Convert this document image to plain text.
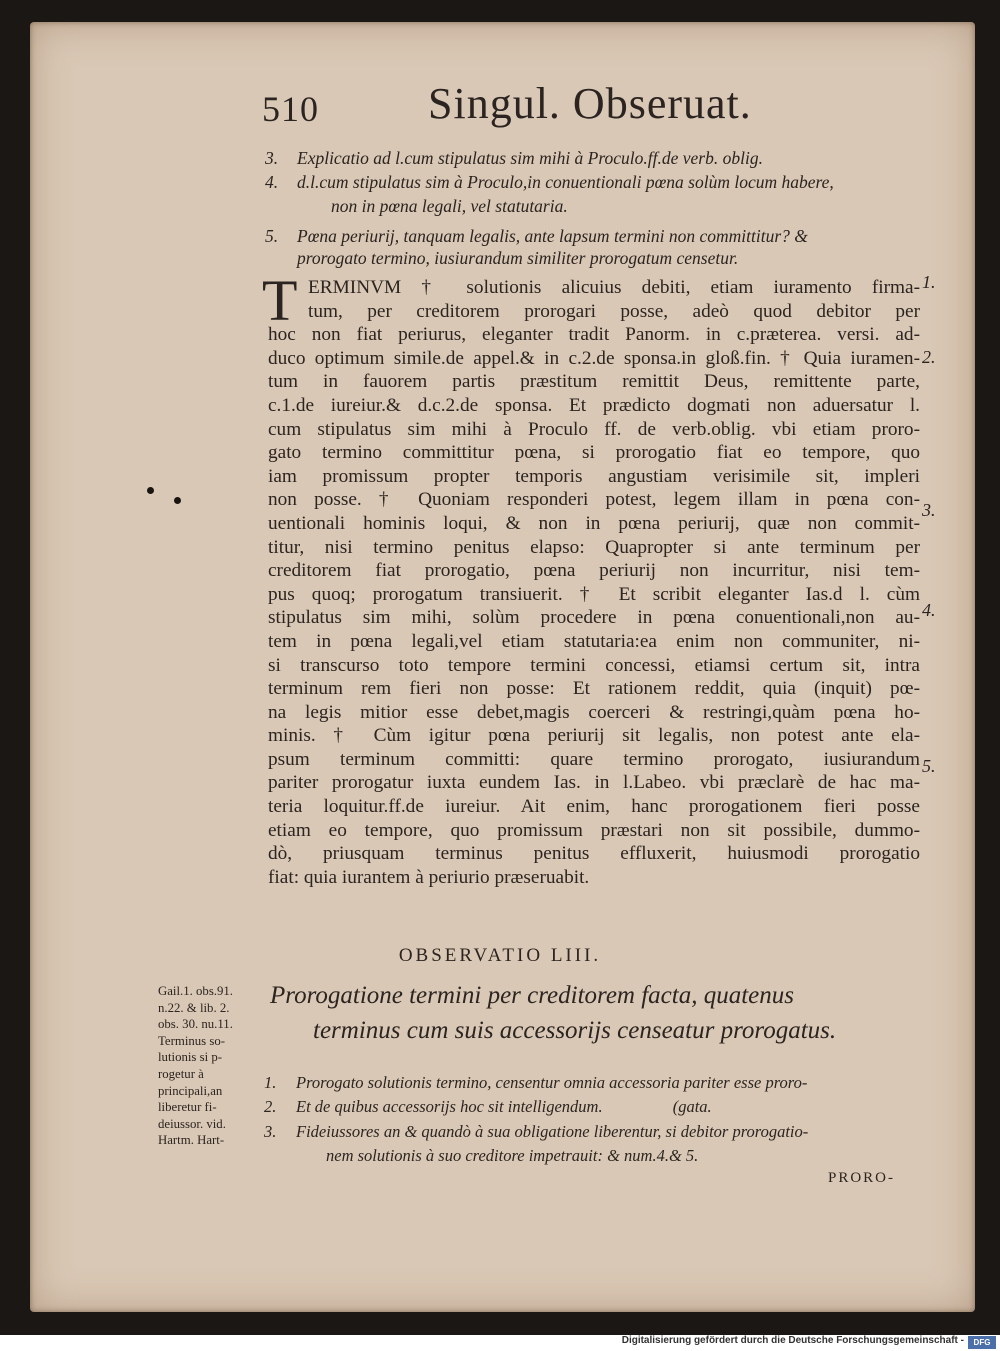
510 Singul. Obseruat.
3. Explicatio ad l.cum stipulatus sim mihi à Proculo.ff.de verb. oblig.
4. d.l.cum stipulatus sim à Proculo,in conuentionali pœna solùm locum habere,
non in pœna legali, vel statutaria.
5. Pœna periurij, tanquam legalis, ante lapsum termini non committitur? &
prorogato termino, iusiurandum similiter prorogatum censetur.
T ERMINVM † solutionis alicuius debiti, etiam iuramento firma-
tum, per creditorem prorogari posse, adeò quod debitor per
hoc non fiat periurus, eleganter tradit Panorm. in c.præterea. versi. ad-
duco optimum simile.de appel.& in c.2.de sponsa.in gloß.fin. † Quia iuramen-
tum in fauorem partis præstitum remittit Deus, remittente parte,
c.1.de iureiur.& d.c.2.de sponsa. Et prædicto dogmati non aduersatur l.
cum stipulatus sim mihi à Proculo ff. de verb.oblig. vbi etiam proro-
gato termino committitur pœna, si prorogatio fiat eo tempore, quo
iam promissum propter temporis angustiam verisimile sit, impleri
non posse. † Quoniam responderi potest, legem illam in pœna con-
uentionali hominis loqui, & non in pœna periurij, quæ non commit-
titur, nisi termino penitus elapso: Quapropter si ante terminum per
creditorem fiat prorogatio, pœna periurij non incurritur, nisi tem-
pus quoq; prorogatum transiuerit. † Et scribit eleganter Ias.d l. cùm
stipulatus sim mihi, solùm procedere in pœna conuentionali,non au-
tem in pœna legali,vel etiam statutaria:ea enim non communiter, ni-
si transcurso toto tempore termini concessi, etiamsi certum sit, intra
terminum rem fieri non posse: Et rationem reddit, quia (inquit) pœ-
na legis mitior esse debet,magis coerceri & restringi,quàm pœna ho-
minis. † Cùm igitur pœna periurij sit legalis, non potest ante ela-
psum terminum committi: quare termino prorogato, iusiurandum
pariter prorogatur iuxta eundem Ias. in l.Labeo. vbi præclarè de hac ma-
teria loquitur.ff.de iureiur. Ait enim, hanc prorogationem fieri posse
etiam eo tempore, quo promissum præstari non sit possibile, dummo-
dò, priusquam terminus penitus effluxerit, huiusmodi prorogatio
fiat: quia iurantem à periurio præseruabit.
1.
2.
3.
4.
5.
OBSERVATIO LIII.
Prorogatione termini per creditorem facta, quatenus
terminus cum suis accessorijs censeatur prorogatus.
Gail.1. obs.91.
n.22. & lib. 2.
obs. 30. nu.11.
Terminus so-
lutionis si p-
rogetur à
principali,an
liberetur fi-
deiussor. vid.
Hartm. Hart-
1. Prorogato solutionis termino, censentur omnia accessoria pariter esse proro-
2. Et de quibus accessorijs hoc sit intelligendum.                 (gata.
3. Fideiussores an & quandò à sua obligatione liberentur, si debitor prorogatio-
nem solutionis à suo creditore impetrauit: & num.4.& 5.
PRORO-
Digitalisierung gefördert durch die Deutsche Forschungsgemeinschaft -	DFG
